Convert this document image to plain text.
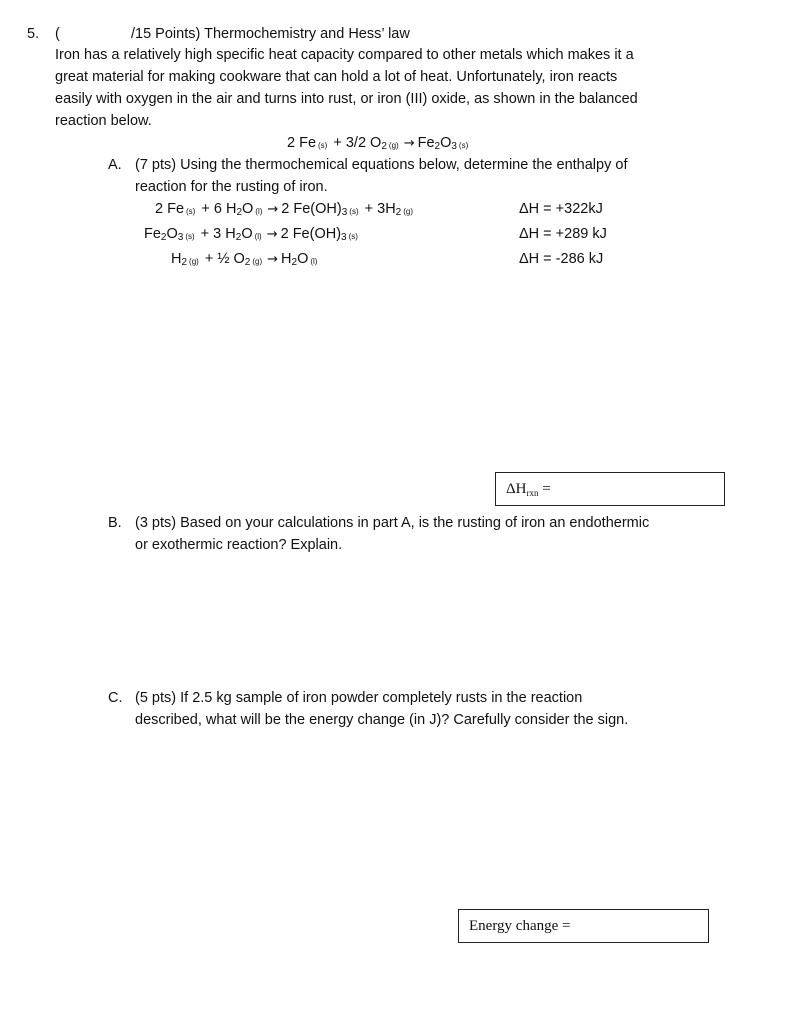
5. (	/15 Points) Thermochemistry and Hess’ law
Iron has a relatively high specific heat capacity compared to other metals which makes it a
great material for making cookware that can hold a lot of heat. Unfortunately, iron reacts
easily with oxygen in the air and turns into rust, or iron (III) oxide, as shown in the balanced
reaction below.
2 Fe $_{(s)}$ + 3/2 $O_2$ $_{(g)} \to Fe_2O_3$ $_{(s)}$
A. (7 pts) Using the thermochemical equations below, determine the enthalpy of
reaction for the rusting of iron.
2 Fe $_{(s)}$ + 6 $H_2O$ $_{(l)}$ → 2 $Fe(OH)_3$ $_{(s)} + 3H_2$ $_{(g)}$	ΔH = +322kJ
$Fe_2O_3$ $_{(s)}$ + 3 $H_2O$ $_{(l)}$ → 2 $Fe(OH)_3$ $_{(s)}$	ΔH = +289 kJ
$H_2$ $_{(g)}$ + ½ $O_2$ $_{(g)} \to H_2O$ $_{(l)}$	ΔH = -286 kJ
$\Delta H_{rxn}$ =
B. (3 pts) Based on your calculations in part A, is the rusting of iron an endothermic
or exothermic reaction? Explain.
C. (5 pts) If 2.5 kg sample of iron powder completely rusts in the reaction
described, what will be the energy change (in J)? Carefully consider the sign.
Energy change =
